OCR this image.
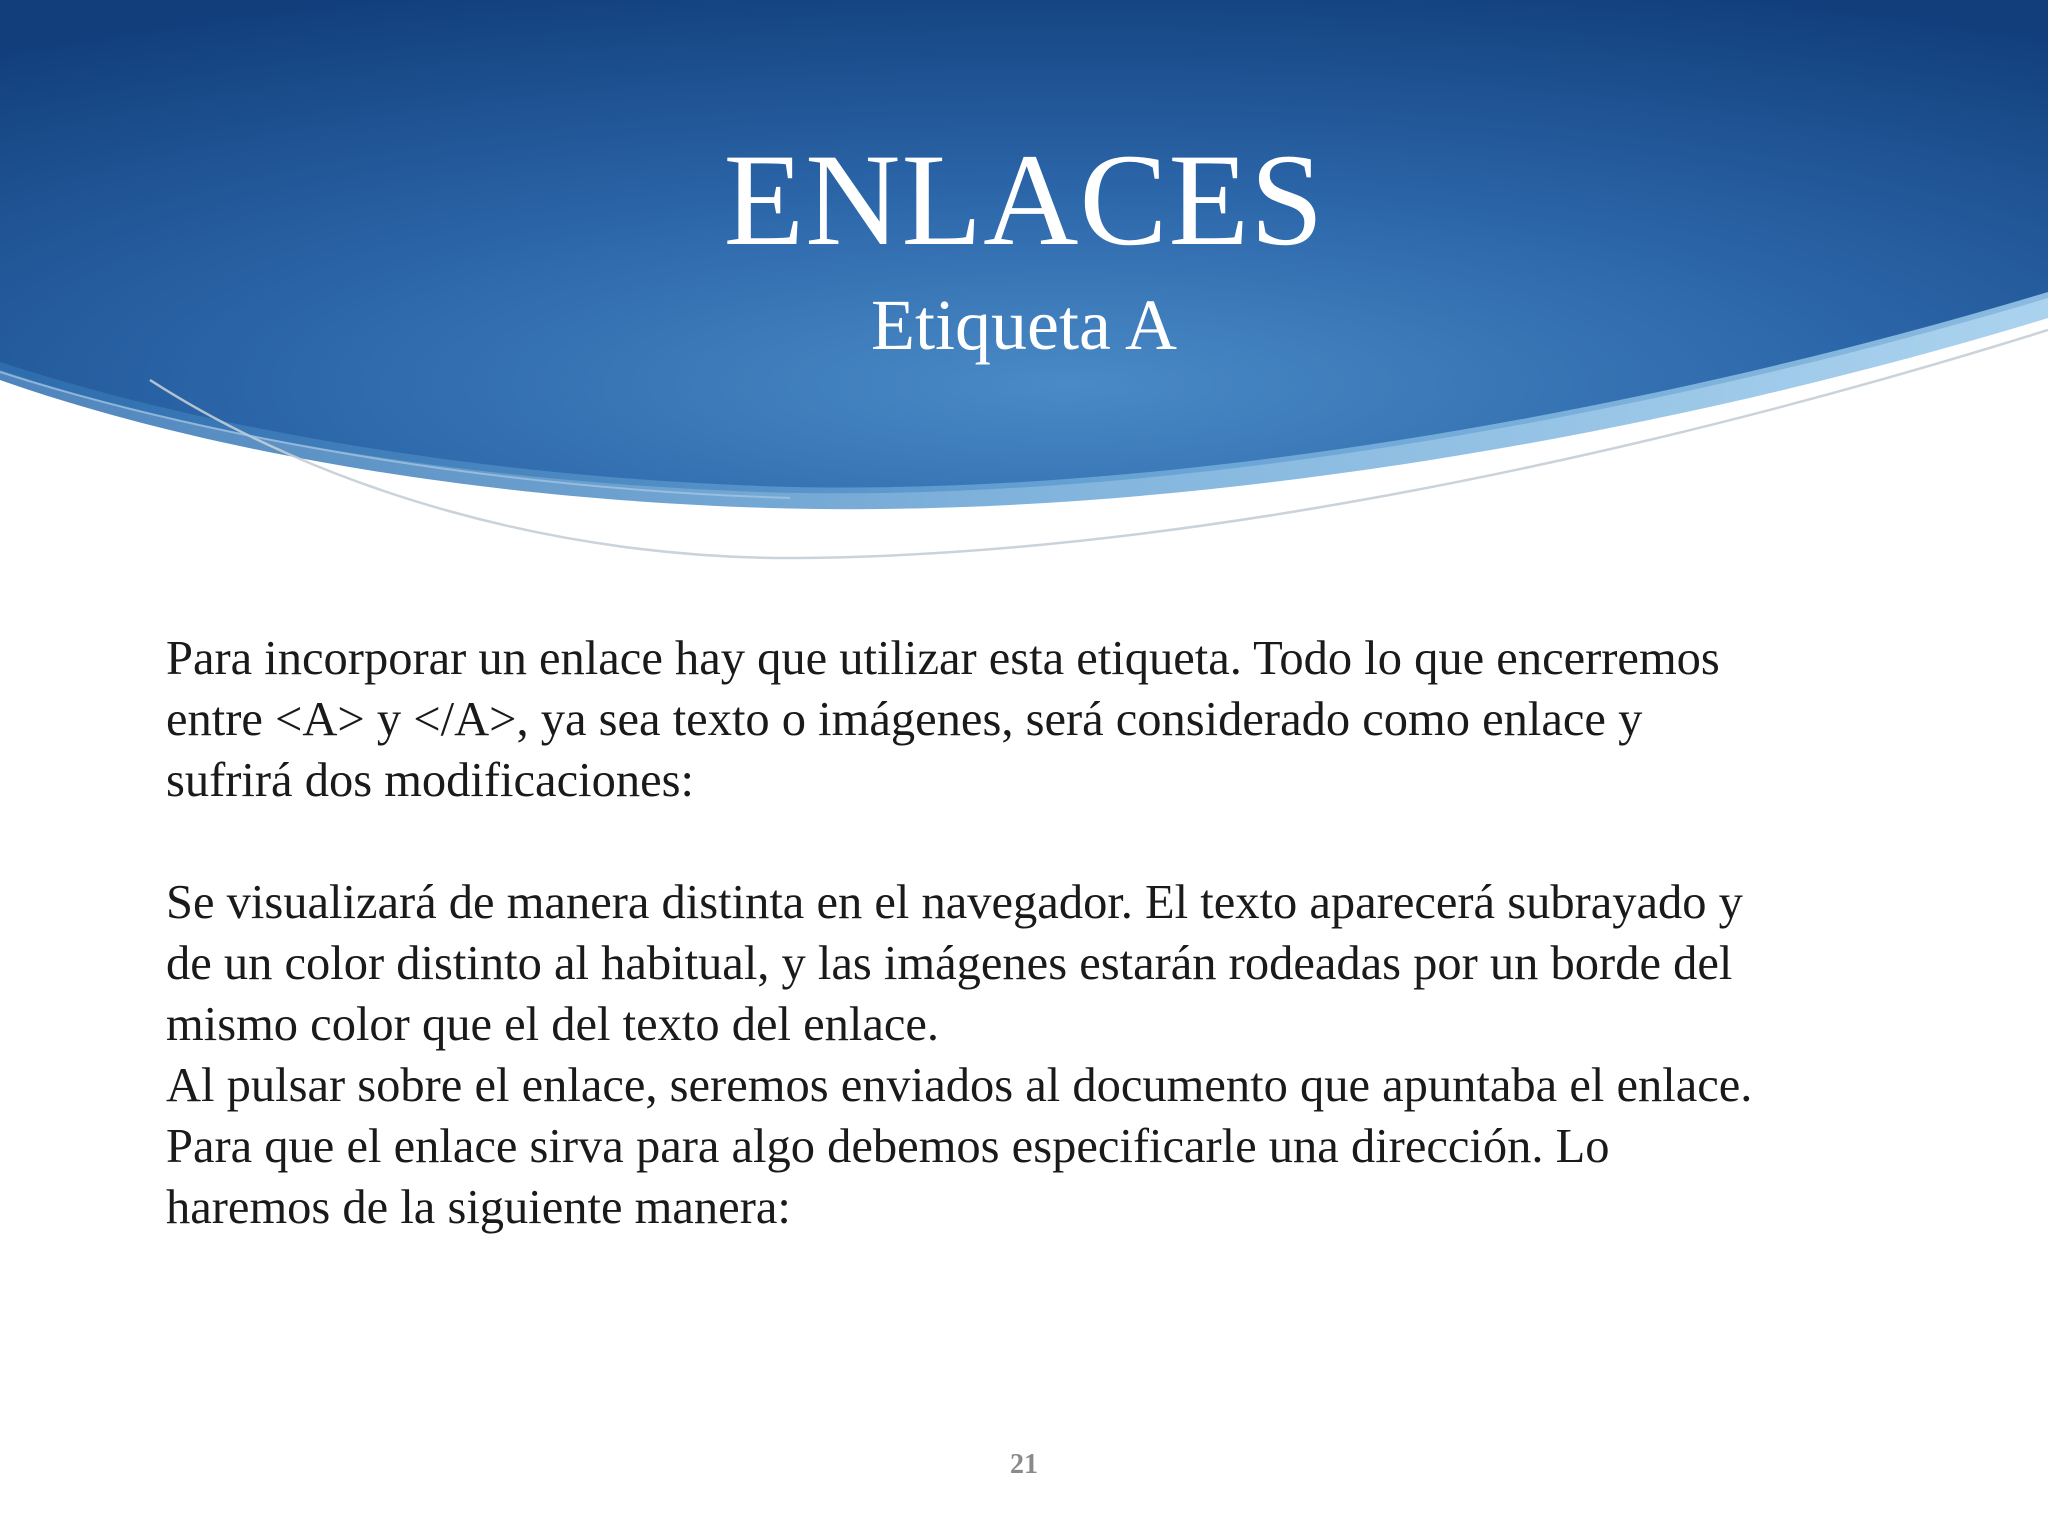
ENLACES
Etiqueta A

Para incorporar un enlace hay que utilizar esta etiqueta. Todo lo que encerremos
entre <A> y </A>, ya sea texto o imágenes, será considerado como enlace y
sufrirá dos modificaciones:

Se visualizará de manera distinta en el navegador. El texto aparecerá subrayado y
de un color distinto al habitual, y las imágenes estarán rodeadas por un borde del
mismo color que el del texto del enlace.

Al pulsar sobre el enlace, seremos enviados al documento que apuntaba el enlace.

Para que el enlace sirva para algo debemos especificarle una dirección. Lo
haremos de la siguiente manera:

21
